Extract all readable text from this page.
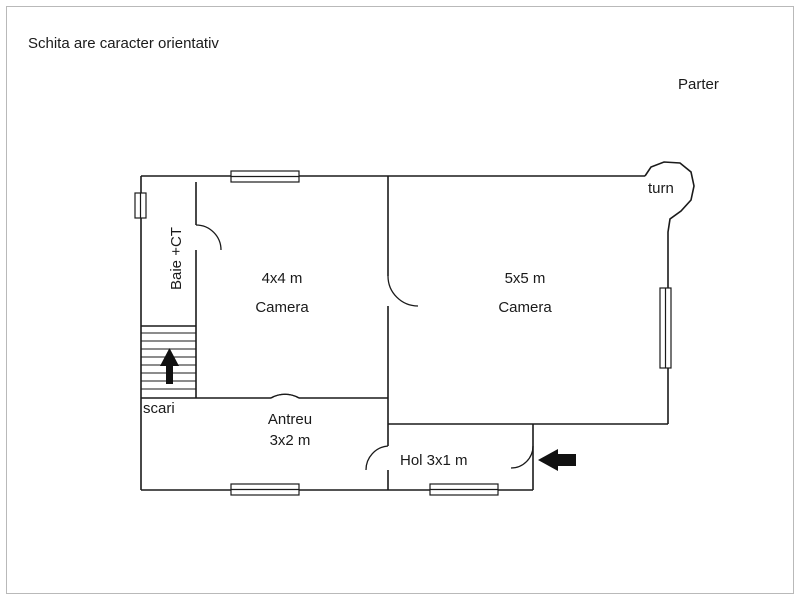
Schita are caracter orientativ
Parter
4x4 m
Camera
5x5 m
Camera
Antreu
3x2 m
Hol 3x1 m
scari
turn
Baie +CT
